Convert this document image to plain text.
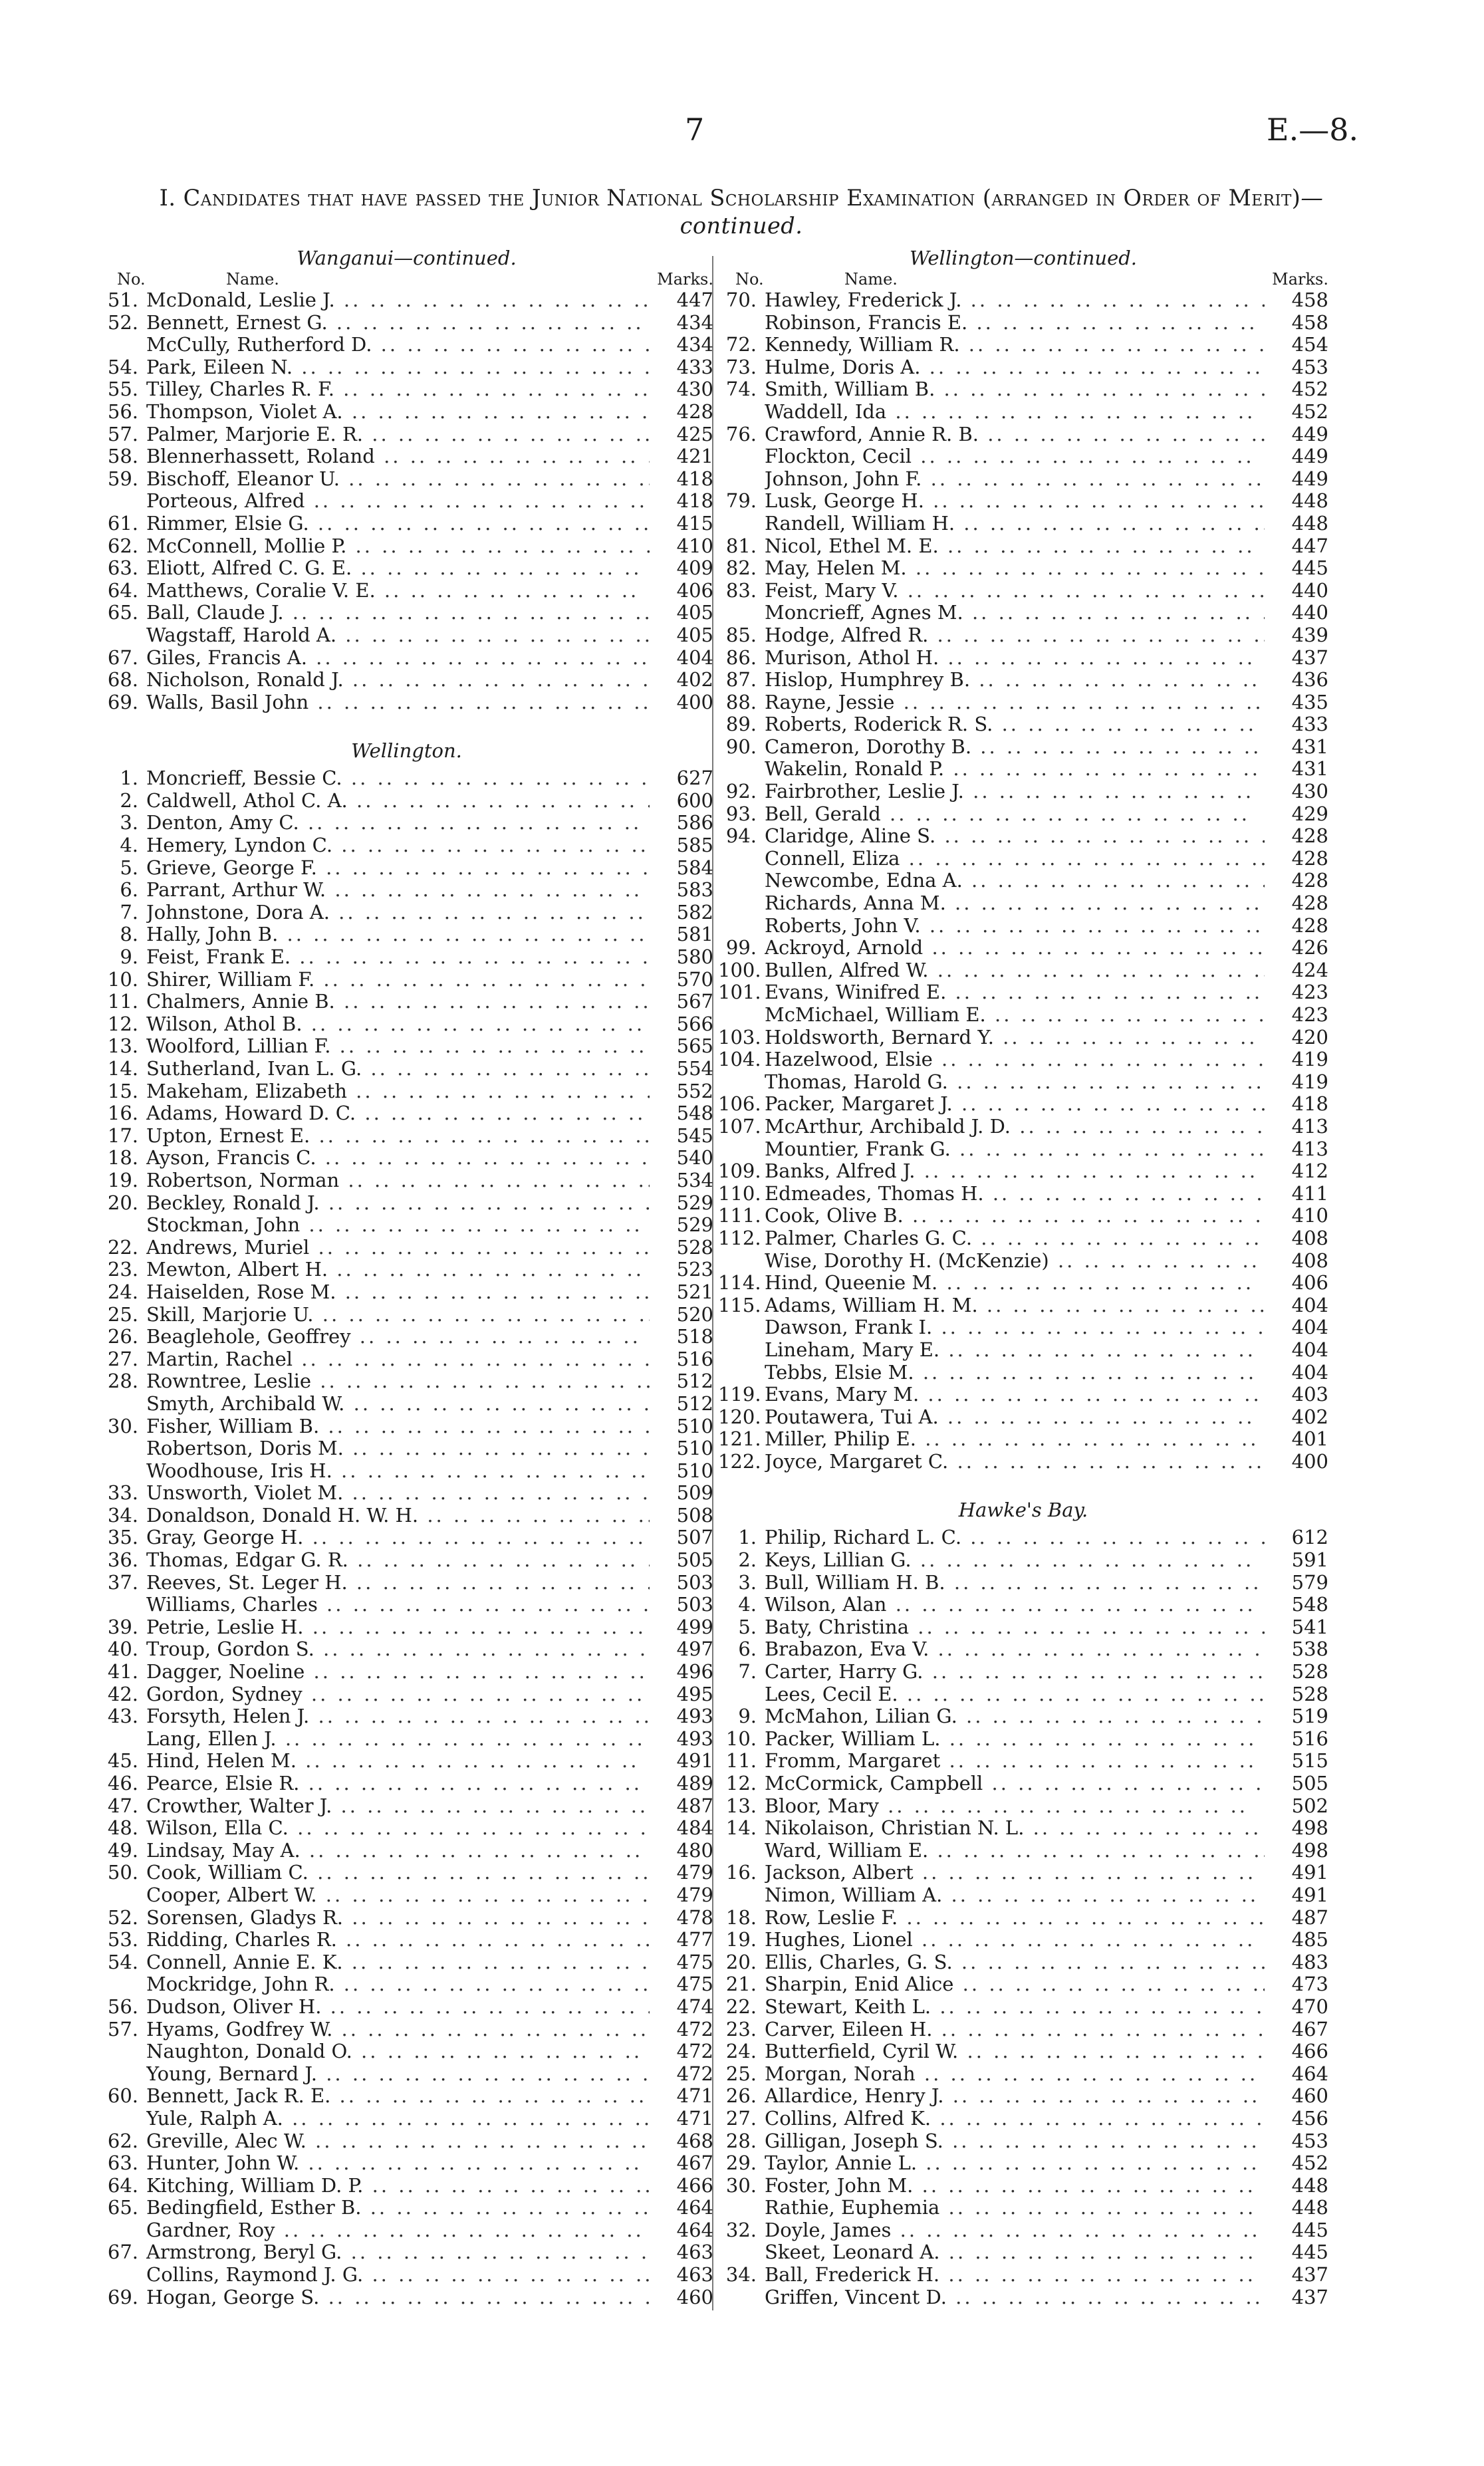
7	E.—8.
I. Candidates that have passed the Junior National Scholarship Examination (arranged in Order of Merit)—continued.
Wanganui—continued.
No.	Name.	Marks.
51. McDonald, Leslie J. .. .	447
52. Bennett, Ernest G. .. .	434
McCully, Rutherford D. .. .	434
54. Park, Eileen N. .. .	433
55. Tilley, Charles R. F. .. .	430
56. Thompson, Violet A. .. .	428
57. Palmer, Marjorie E. R. .. .	425
58. Blennerhassett, Roland .. .	421
59. Bischoff, Eleanor U. .. .	418
Porteous, Alfred .. .	418
61. Rimmer, Elsie G. .. .	415
62. McConnell, Mollie P. .. .	410
63. Eliott, Alfred C. G. E. .. .	409
64. Matthews, Coralie V. E. .. .	406
65. Ball, Claude J. .. .	405
Wagstaff, Harold A. .. .	405
67. Giles, Francis A. .. .	404
68. Nicholson, Ronald J. .. .	402
69. Walls, Basil John .. .	400
Wellington.
1. Moncrieff, Bessie C. .. .	627
2. Caldwell, Athol C. A. .. .	600
3. Denton, Amy C. .. .	586
4. Hemery, Lyndon C. .. .	585
5. Grieve, George F. .. .	584
6. Parrant, Arthur W. .. .	583
7. Johnstone, Dora A. .. .	582
8. Hally, John B. .. .	581
9. Feist, Frank E. .. .	580
10. Shirer, William F. .. .	570
11. Chalmers, Annie B. .. .	567
12. Wilson, Athol B. .. .	566
13. Woolford, Lillian F. .. .	565
14. Sutherland, Ivan L. G. .. .	554
15. Makeham, Elizabeth .. .	552
16. Adams, Howard D. C. .. .	548
17. Upton, Ernest E. .. .	545
18. Ayson, Francis C. .. .	540
19. Robertson, Norman .. .	534
20. Beckley, Ronald J. .. .	529
Stockman, John .. .	529
22. Andrews, Muriel .. .	528
23. Mewton, Albert H. .. .	523
24. Haiselden, Rose M. .. .	521
25. Skill, Marjorie U. .. .	520
26. Beaglehole, Geoffrey .. .	518
27. Martin, Rachel .. .	516
28. Rowntree, Leslie .. .	512
Smyth, Archibald W. .. .	512
30. Fisher, William B. .. .	510
Robertson, Doris M. .. .	510
Woodhouse, Iris H. .. .	510
33. Unsworth, Violet M. .. .	509
34. Donaldson, Donald H. W. H. .. .	508
35. Gray, George H. .. .	507
36. Thomas, Edgar G. R. .. .	505
37. Reeves, St. Leger H. .. .	503
Williams, Charles .. .	503
39. Petrie, Leslie H. .. .	499
40. Troup, Gordon S. .. .	497
41. Dagger, Noeline .. .	496
42. Gordon, Sydney .. .	495
43. Forsyth, Helen J. .. .	493
Lang, Ellen J. .. .	493
45. Hind, Helen M. .. .	491
46. Pearce, Elsie R. .. .	489
47. Crowther, Walter J. .. .	487
48. Wilson, Ella C. .. .	484
49. Lindsay, May A. .. .	480
50. Cook, William C. .. .	479
Cooper, Albert W. .. .	479
52. Sorensen, Gladys R. .. .	478
53. Ridding, Charles R. .. .	477
54. Connell, Annie E. K. .. .	475
Mockridge, John R. .. .	475
56. Dudson, Oliver H. .. .	474
57. Hyams, Godfrey W. .. .	472
Naughton, Donald O. .. .	472
Young, Bernard J. .. .	472
60. Bennett, Jack R. E. .. .	471
Yule, Ralph A. .. .	471
62. Greville, Alec W. .. .	468
63. Hunter, John W. .. .	467
64. Kitching, William D. P. .. .	466
65. Bedingfield, Esther B. .. .	464
Gardner, Roy .. .	464
67. Armstrong, Beryl G. .. .	463
Collins, Raymond J. G. .. .	463
69. Hogan, George S. .. .	460
Wellington—continued.
No.	Name.	Marks.
70. Hawley, Frederick J. .. .	458
Robinson, Francis E. .. .	458
72. Kennedy, William R. .. .	454
73. Hulme, Doris A. .. .	453
74. Smith, William B. .. .	452
Waddell, Ida .. .	452
76. Crawford, Annie R. B. .. .	449
Flockton, Cecil .. .	449
Johnson, John F. .. .	449
79. Lusk, George H. .. .	448
Randell, William H. .. .	448
81. Nicol, Ethel M. E. .. .	447
82. May, Helen M. .. .	445
83. Feist, Mary V. .. .	440
Moncrieff, Agnes M. .. .	440
85. Hodge, Alfred R. .. .	439
86. Murison, Athol H. .. .	437
87. Hislop, Humphrey B. .. .	436
88. Rayne, Jessie .. .	435
89. Roberts, Roderick R. S. .. .	433
90. Cameron, Dorothy B. .. .	431
Wakelin, Ronald P. .. .	431
92. Fairbrother, Leslie J. .. .	430
93. Bell, Gerald .. .	429
94. Claridge, Aline S. .. .	428
Connell, Eliza .. .	428
Newcombe, Edna A. .. .	428
Richards, Anna M. .. .	428
Roberts, John V. .. .	428
99. Ackroyd, Arnold .. .	426
100. Bullen, Alfred W. .. .	424
101. Evans, Winifred E. .. .	423
McMichael, William E. .. .	423
103. Holdsworth, Bernard Y. .. .	420
104. Hazelwood, Elsie .. .	419
Thomas, Harold G. .. .	419
106. Packer, Margaret J. .. .	418
107. McArthur, Archibald J. D. .. .	413
Mountier, Frank G. .. .	413
109. Banks, Alfred J. .. .	412
110. Edmeades, Thomas H. .. .	411
111. Cook, Olive B. .. .	410
112. Palmer, Charles G. C. .. .	408
Wise, Dorothy H. (McKenzie) .. .	408
114. Hind, Queenie M. .. .	406
115. Adams, William H. M. .. .	404
Dawson, Frank I. .. .	404
Lineham, Mary E. .. .	404
Tebbs, Elsie M. .. .	404
119. Evans, Mary M. .. .	403
120. Poutawera, Tui A. .. .	402
121. Miller, Philip E. .. .	401
122. Joyce, Margaret C. .. .	400
Hawke's Bay.
1. Philip, Richard L. C. .. .	612
2. Keys, Lillian G. .. .	591
3. Bull, William H. B. .. .	579
4. Wilson, Alan .. .	548
5. Baty, Christina .. .	541
6. Brabazon, Eva V. .. .	538
7. Carter, Harry G. .. .	528
Lees, Cecil E. .. .	528
9. McMahon, Lilian G. .. .	519
10. Packer, William L. .. .	516
11. Fromm, Margaret .. .	515
12. McCormick, Campbell .. .	505
13. Bloor, Mary .. .	502
14. Nikolaison, Christian N. L. .. .	498
Ward, William E. .. .	498
16. Jackson, Albert .. .	491
Nimon, William A. .. .	491
18. Row, Leslie F. .. .	487
19. Hughes, Lionel .. .	485
20. Ellis, Charles, G. S. .. .	483
21. Sharpin, Enid Alice .. .	473
22. Stewart, Keith L. .. .	470
23. Carver, Eileen H. .. .	467
24. Butterfield, Cyril W. .. .	466
25. Morgan, Norah .. .	464
26. Allardice, Henry J. .. .	460
27. Collins, Alfred K. .. .	456
28. Gilligan, Joseph S. .. .	453
29. Taylor, Annie L. .. .	452
30. Foster, John M. .. .	448
Rathie, Euphemia .. .	448
32. Doyle, James .. .	445
Skeet, Leonard A. .. .	445
34. Ball, Frederick H. .. .	437
Griffen, Vincent D. .. .	437
